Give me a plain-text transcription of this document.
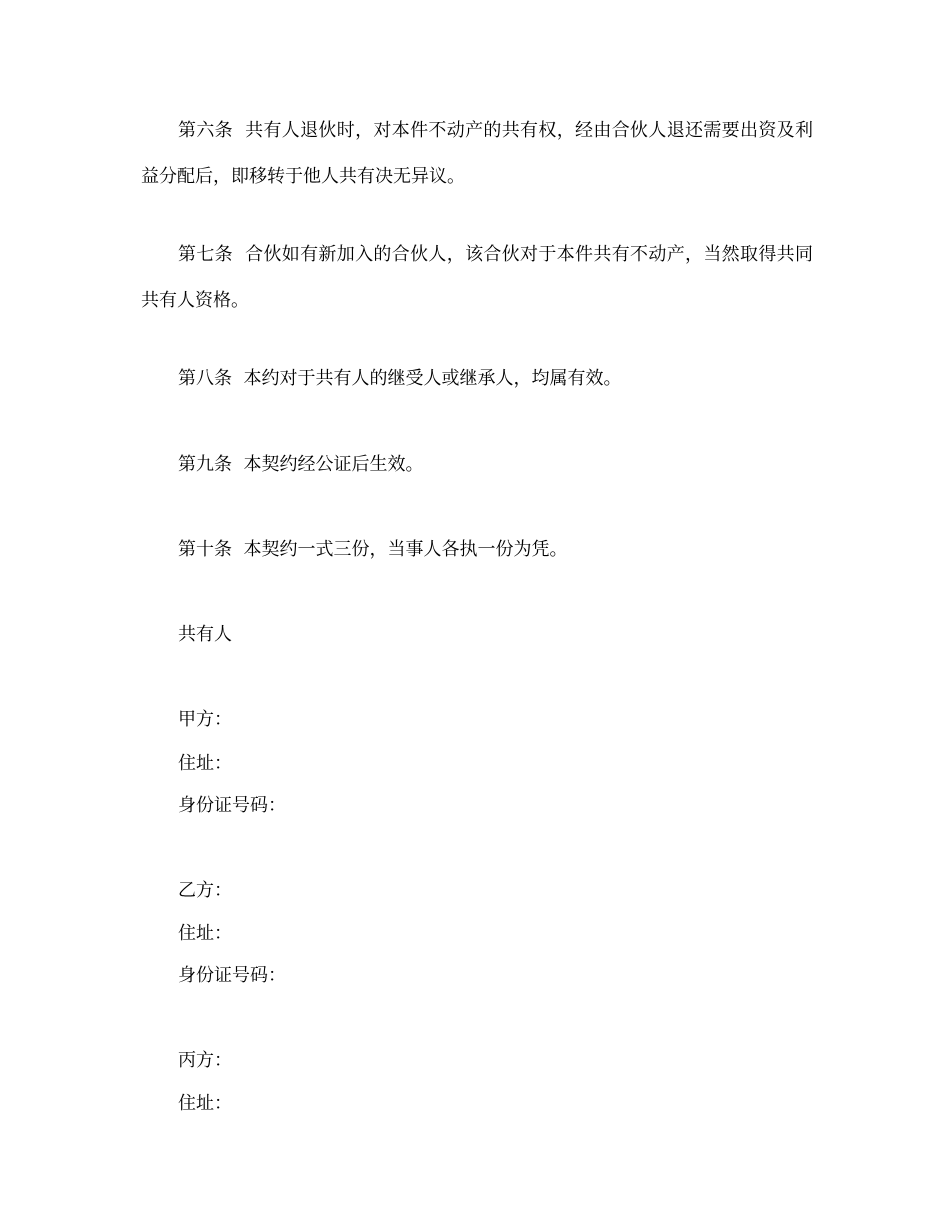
第六条 共有人退伙时，对本件不动产的共有权，经由合伙人退还需要出资及利益分配后，即移转于他人共有决无异议。
第七条 合伙如有新加入的合伙人，该合伙对于本件共有不动产，当然取得共同共有人资格。
第八条 本约对于共有人的继受人或继承人，均属有效。
第九条 本契约经公证后生效。
第十条 本契约一式三份，当事人各执一份为凭。
共有人
甲方：
住址：
身份证号码：
乙方：
住址：
身份证号码：
丙方：
住址：
